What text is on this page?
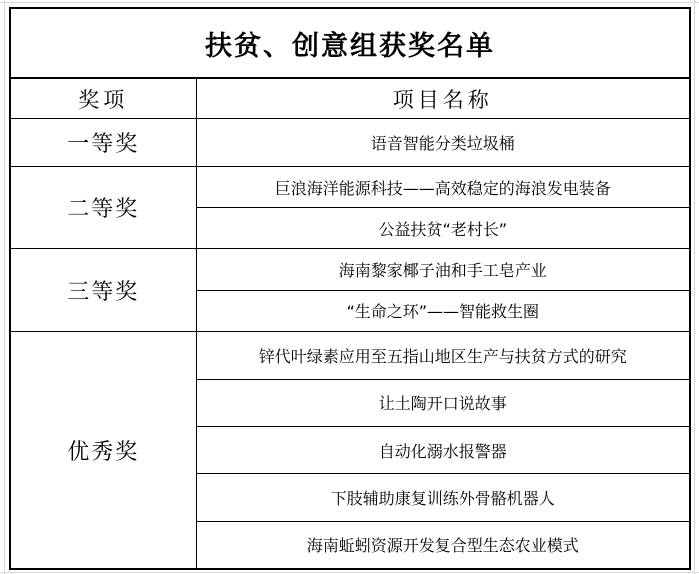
扶贫、创意组获奖名单	
奖项	项目名称
一等奖	语音智能分类垃圾桶
二等奖	巨浪海洋能源科技——高效稳定的海浪发电装备
	公益扶贫“老村长”
三等奖	海南黎家椰子油和手工皂产业
	“生命之环”——智能救生圈
优秀奖	锌代叶绿素应用至五指山地区生产与扶贫方式的研究
	让土陶开口说故事
	自动化溺水报警器
	下肢辅助康复训练外骨骼机器人
	海南蚯蚓资源开发复合型生态农业模式
